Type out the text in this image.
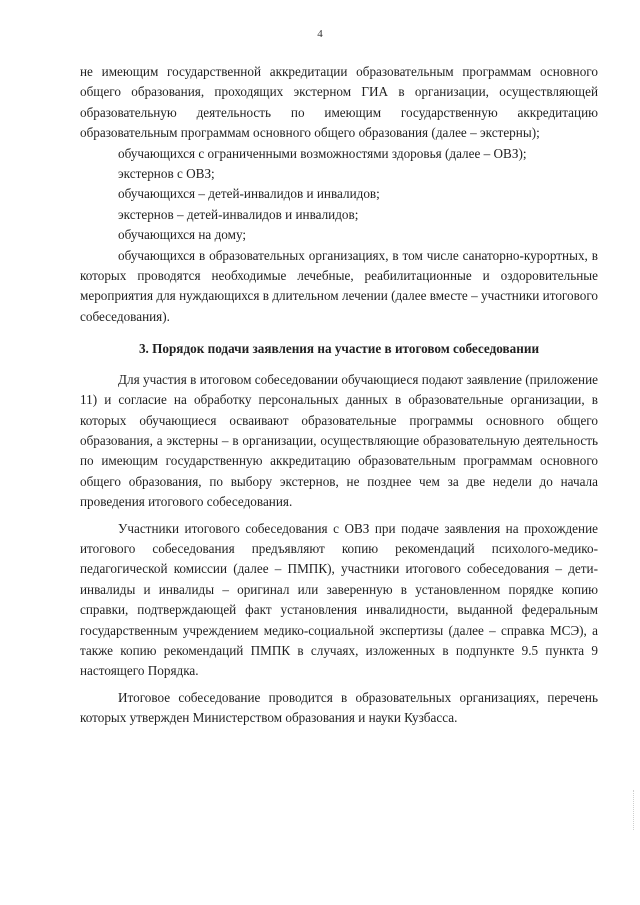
4

не имеющим государственной аккредитации образовательным программам основного общего образования, проходящих экстерном ГИА в организации, осуществляющей образовательную деятельность по имеющим государственную аккредитацию образовательным программам основного общего образования (далее – экстерны);

обучающихся с ограниченными возможностями здоровья (далее – ОВЗ);

экстернов с ОВЗ;

обучающихся – детей-инвалидов и инвалидов;

экстернов – детей-инвалидов и инвалидов;

обучающихся на дому;

обучающихся в образовательных организациях, в том числе санаторно-курортных, в которых проводятся необходимые лечебные, реабилитационные и оздоровительные мероприятия для нуждающихся в длительном лечении (далее вместе – участники итогового собеседования).

3. Порядок подачи заявления на участие в итоговом собеседовании

Для участия в итоговом собеседовании обучающиеся подают заявление (приложение 11) и согласие на обработку персональных данных в образовательные организации, в которых обучающиеся осваивают образовательные программы основного общего образования, а экстерны – в организации, осуществляющие образовательную деятельность по имеющим государственную аккредитацию образовательным программам основного общего образования, по выбору экстернов, не позднее чем за две недели до начала проведения итогового собеседования.

Участники итогового собеседования с ОВЗ при подаче заявления на прохождение итогового собеседования предъявляют копию рекомендаций психолого-медико-педагогической комиссии (далее – ПМПК), участники итогового собеседования – дети-инвалиды и инвалиды – оригинал или заверенную в установленном порядке копию справки, подтверждающей факт установления инвалидности, выданной федеральным государственным учреждением медико-социальной экспертизы (далее – справка МСЭ), а также копию рекомендаций ПМПК в случаях, изложенных в подпункте 9.5 пункта 9 настоящего Порядка.

Итоговое собеседование проводится в образовательных организациях, перечень которых утвержден Министерством образования и науки Кузбасса.
